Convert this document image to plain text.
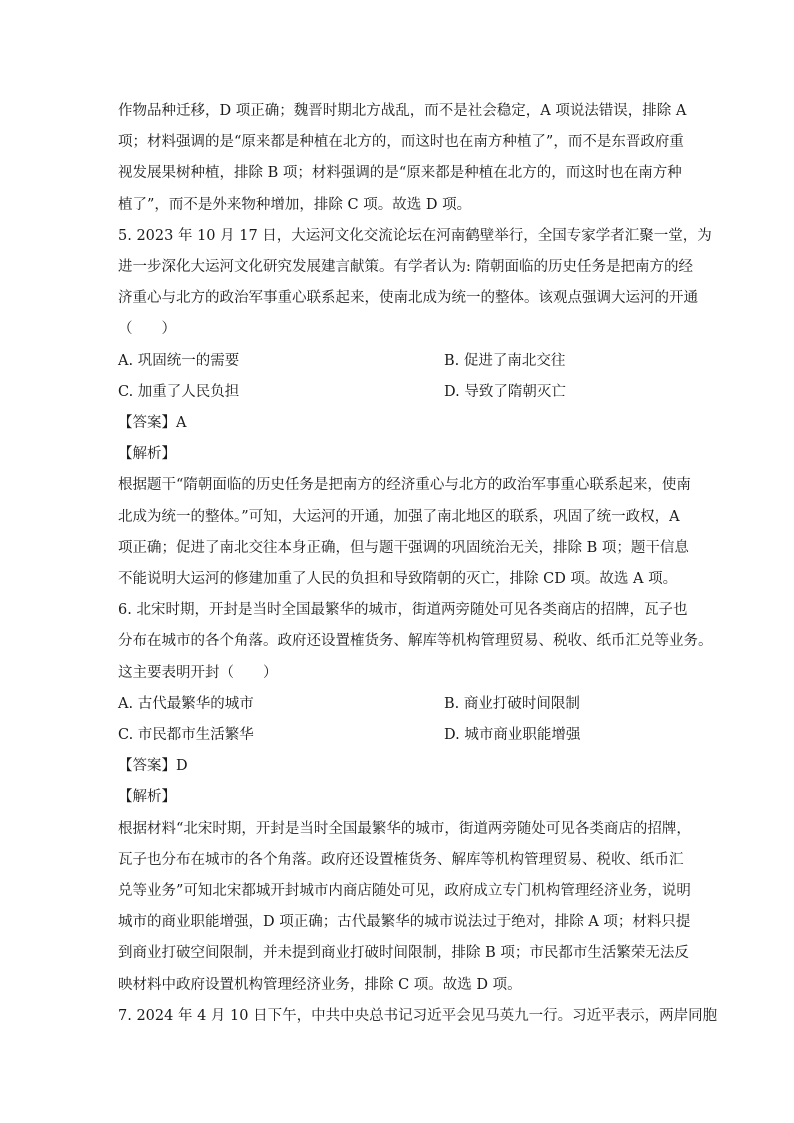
作物品种迁移，D 项正确；魏晋时期北方战乱，而不是社会稳定，A 项说法错误，排除 A

项；材料强调的是“原来都是种植在北方的，而这时也在南方种植了”，而不是东晋政府重

视发展果树种植，排除 B 项；材料强调的是“原来都是种植在北方的，而这时也在南方种

植了”，而不是外来物种增加，排除 C 项。故选 D 项。

5. 2023 年 10 月 17 日，大运河文化交流论坛在河南鹤壁举行，全国专家学者汇聚一堂，为

进一步深化大运河文化研究发展建言献策。有学者认为: 隋朝面临的历史任务是把南方的经

济重心与北方的政治军事重心联系起来，使南北成为统一的整体。该观点强调大运河的开通

（　　）

A. 巩固统一的需要	B. 促进了南北交往
C. 加重了人民负担	D. 导致了隋朝灭亡

【答案】A

【解析】

根据题干“隋朝面临的历史任务是把南方的经济重心与北方的政治军事重心联系起来，使南

北成为统一的整体。”可知，大运河的开通，加强了南北地区的联系，巩固了统一政权，A

项正确；促进了南北交往本身正确，但与题干强调的巩固统治无关，排除 B 项；题干信息

不能说明大运河的修建加重了人民的负担和导致隋朝的灭亡，排除 CD 项。故选 A 项。

6. 北宋时期，开封是当时全国最繁华的城市，街道两旁随处可见各类商店的招牌，瓦子也

分布在城市的各个角落。政府还设置榷货务、解库等机构管理贸易、税收、纸币汇兑等业务。

这主要表明开封（　　）

A. 古代最繁华的城市	B. 商业打破时间限制
C. 市民都市生活繁华	D. 城市商业职能增强

【答案】D

【解析】

根据材料“北宋时期，开封是当时全国最繁华的城市，街道两旁随处可见各类商店的招牌，

瓦子也分布在城市的各个角落。政府还设置榷货务、解库等机构管理贸易、税收、纸币汇

兑等业务”可知北宋都城开封城市内商店随处可见，政府成立专门机构管理经济业务，说明

城市的商业职能增强，D 项正确；古代最繁华的城市说法过于绝对，排除 A 项；材料只提

到商业打破空间限制，并未提到商业打破时间限制，排除 B 项；市民都市生活繁荣无法反

映材料中政府设置机构管理经济业务，排除 C 项。故选 D 项。

7. 2024 年 4 月 10 日下午，中共中央总书记习近平会见马英九一行。习近平表示，两岸同胞
